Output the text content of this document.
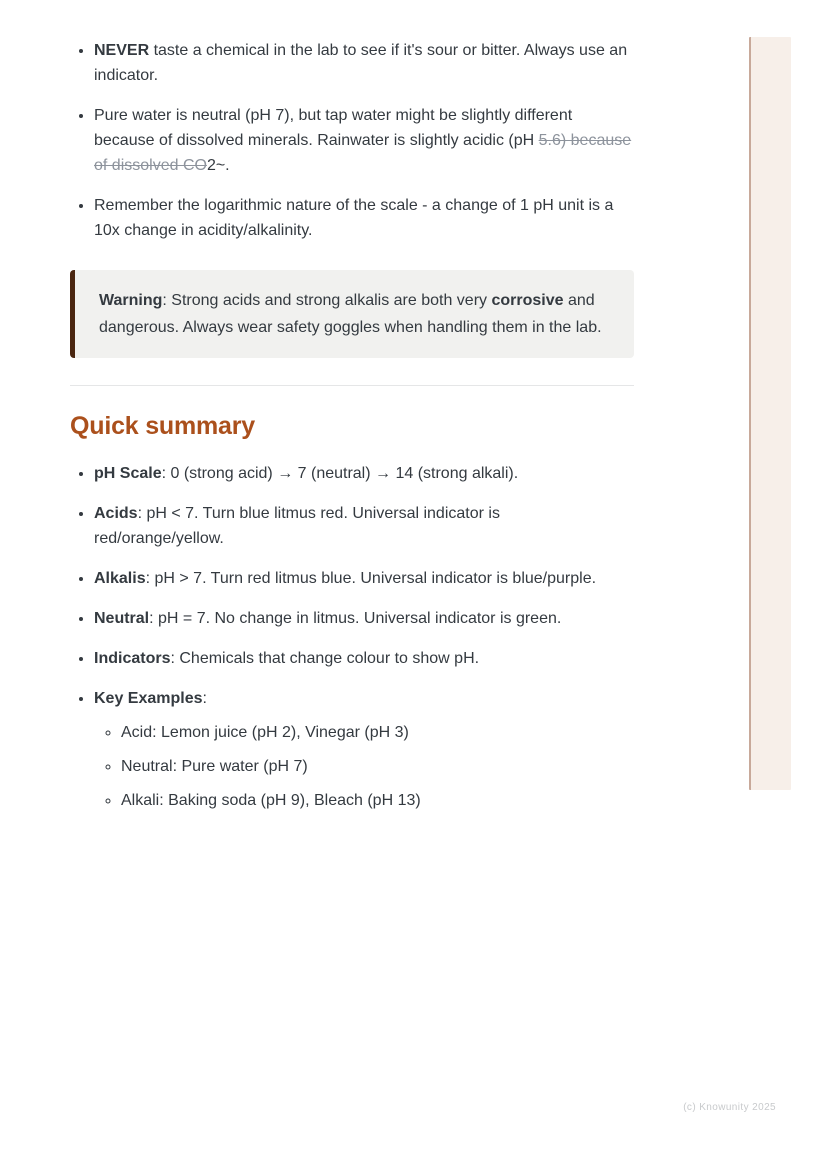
• NEVER taste a chemical in the lab to see if it's sour or bitter. Always use an indicator.
• Pure water is neutral (pH 7), but tap water might be slightly different because of dissolved minerals. Rainwater is slightly acidic (pH 5.6) because of dissolved CO2~.
• Remember the logarithmic nature of the scale - a change of 1 pH unit is a 10x change in acidity/alkalinity.

Warning: Strong acids and strong alkalis are both very corrosive and dangerous. Always wear safety goggles when handling them in the lab.

Quick summary
• pH Scale: 0 (strong acid) → 7 (neutral) → 14 (strong alkali).
• Acids: pH < 7. Turn blue litmus red. Universal indicator is red/orange/yellow.
• Alkalis: pH > 7. Turn red litmus blue. Universal indicator is blue/purple.
• Neutral: pH = 7. No change in litmus. Universal indicator is green.
• Indicators: Chemicals that change colour to show pH.
• Key Examples:
◦ Acid: Lemon juice (pH 2), Vinegar (pH 3)
◦ Neutral: Pure water (pH 7)
◦ Alkali: Baking soda (pH 9), Bleach (pH 13)
(c) Knowunity 2025
